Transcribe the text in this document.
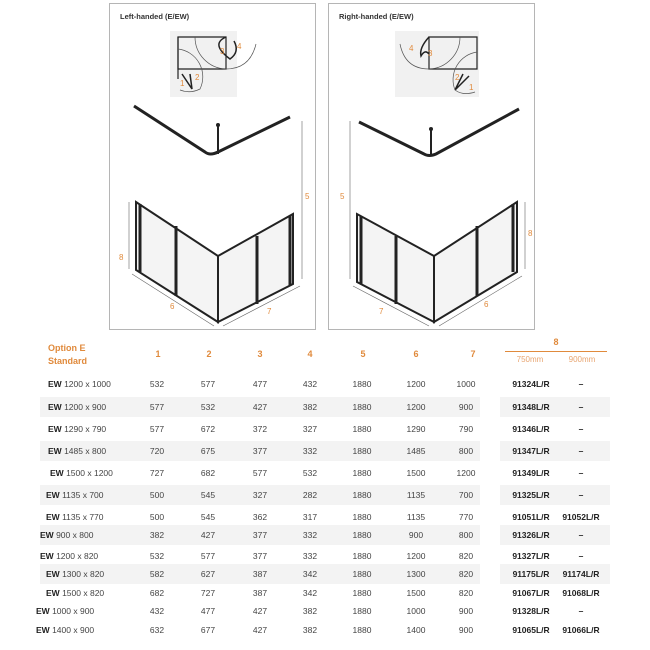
Left-handed (E/EW)
1
2
3
4
5
8
6
7
Right-handed (E/EW)
1
2
3
4
5
8
7
6
Option E
Standard
1	2	3	4	5	6	7
8
750mm	900mm
EW 1200 x 1000	532	577	477	432	1880	1200	1000	91324L/R	–
EW 1200 x 900	577	532	427	382	1880	1200	900	91348L/R	–
EW 1290 x 790	577	672	372	327	1880	1290	790	91346L/R	–
EW 1485 x 800	720	675	377	332	1880	1485	800	91347L/R	–
EW 1500 x 1200	727	682	577	532	1880	1500	1200	91349L/R	–
EW 1135 x 700	500	545	327	282	1880	1135	700	91325L/R	–
EW 1135 x 770	500	545	362	317	1880	1135	770	91051L/R	91052L/R
EW 900 x 800	382	427	377	332	1880	900	800	91326L/R	–
EW 1200 x 820	532	577	377	332	1880	1200	820	91327L/R	–
EW 1300 x 820	582	627	387	342	1880	1300	820	91175L/R	91174L/R
EW 1500 x 820	682	727	387	342	1880	1500	820	91067L/R	91068L/R
EW 1000 x 900	432	477	427	382	1880	1000	900	91328L/R	–
EW 1400 x 900	632	677	427	382	1880	1400	900	91065L/R	91066L/R
